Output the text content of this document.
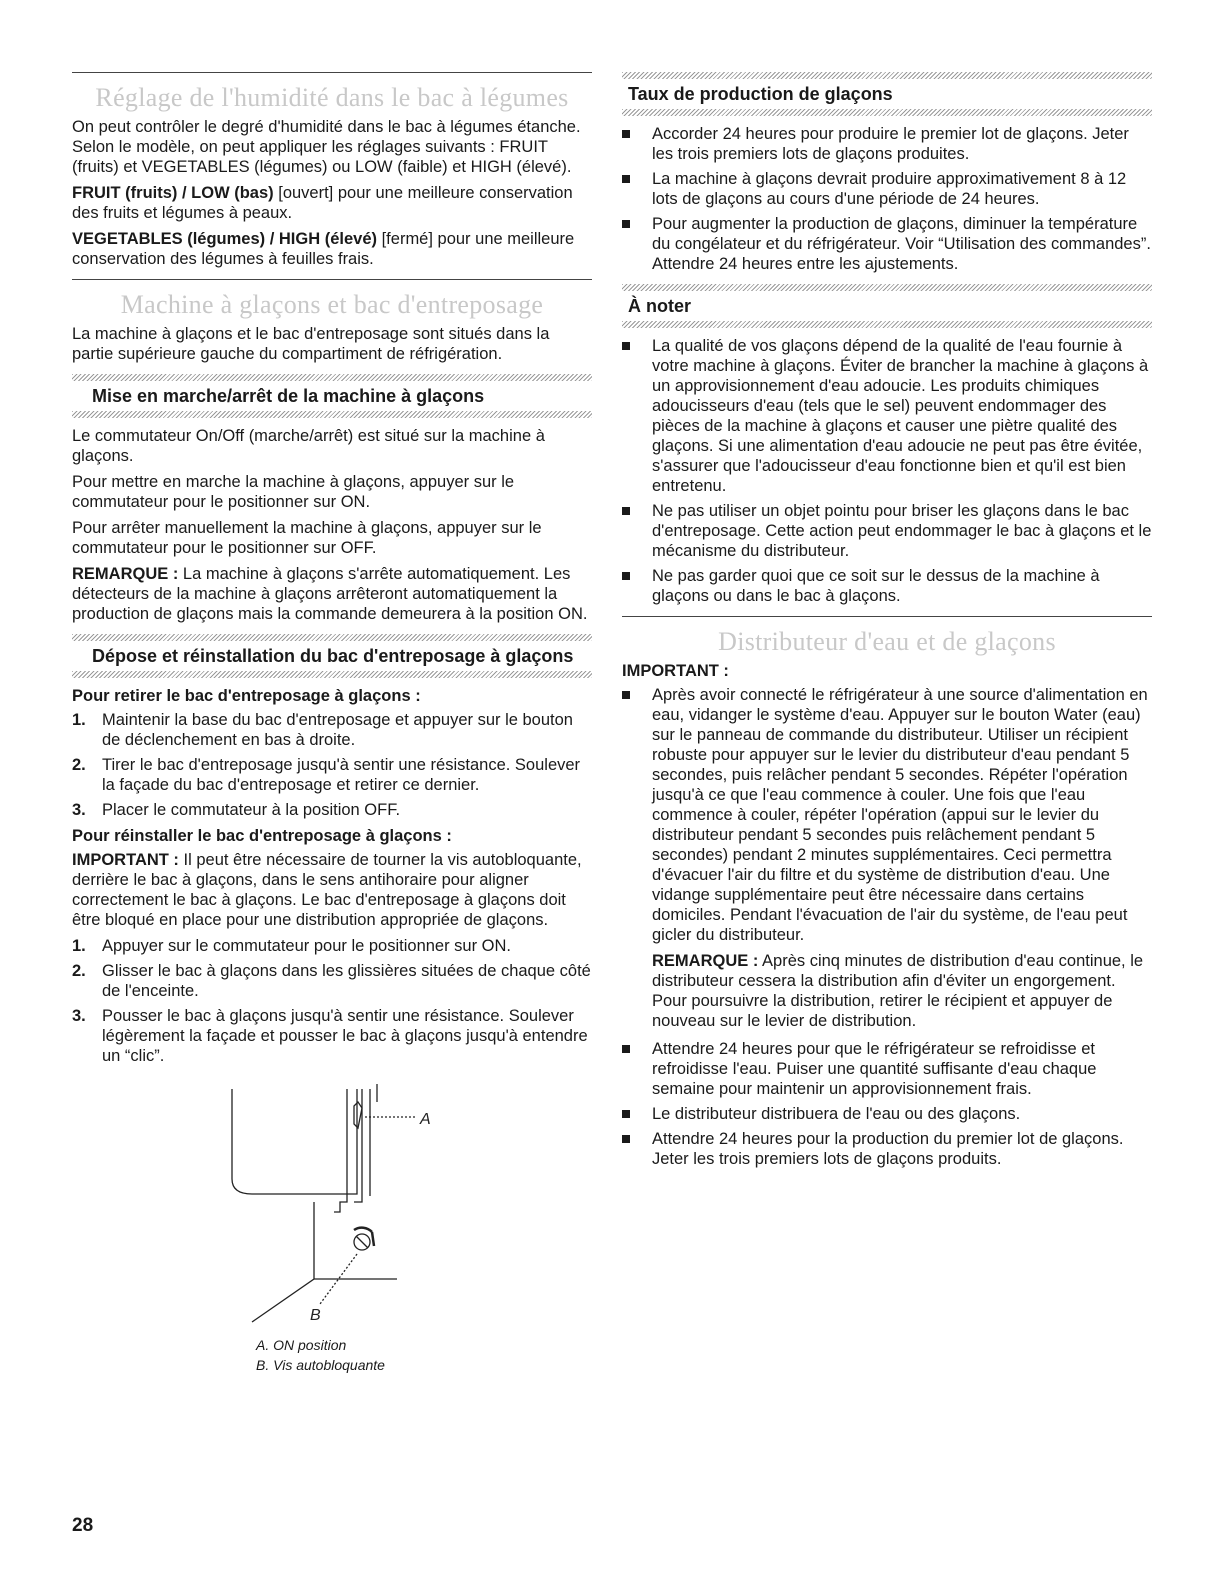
Réglage de l'humidité dans le bac à légumes

On peut contrôler le degré d'humidité dans le bac à légumes étanche. Selon le modèle, on peut appliquer les réglages suivants : FRUIT (fruits) et VEGETABLES (légumes) ou LOW (faible) et HIGH (élevé).

FRUIT (fruits) / LOW (bas) [ouvert] pour une meilleure conservation des fruits et légumes à peaux.

VEGETABLES (légumes) / HIGH (élevé) [fermé] pour une meilleure conservation des légumes à feuilles frais.

Machine à glaçons et bac d'entreposage

La machine à glaçons et le bac d'entreposage sont situés dans la partie supérieure gauche du compartiment de réfrigération.

Mise en marche/arrêt de la machine à glaçons

Le commutateur On/Off (marche/arrêt) est situé sur la machine à glaçons.

Pour mettre en marche la machine à glaçons, appuyer sur le commutateur pour le positionner sur ON.

Pour arrêter manuellement la machine à glaçons, appuyer sur le commutateur pour le positionner sur OFF.

REMARQUE : La machine à glaçons s'arrête automatiquement. Les détecteurs de la machine à glaçons arrêteront automatiquement la production de glaçons mais la commande demeurera à la position ON.

Dépose et réinstallation du bac d'entreposage à glaçons
Pour retirer le bac d'entreposage à glaçons :
1. Maintenir la base du bac d'entreposage et appuyer sur le bouton de déclenchement en bas à droite.
2. Tirer le bac d'entreposage jusqu'à sentir une résistance. Soulever la façade du bac d'entreposage et retirer ce dernier.
3. Placer le commutateur à la position OFF.
Pour réinstaller le bac d'entreposage à glaçons :

IMPORTANT : Il peut être nécessaire de tourner la vis autobloquante, derrière le bac à glaçons, dans le sens antihoraire pour aligner correctement le bac à glaçons. Le bac d'entreposage à glaçons doit être bloqué en place pour une distribution appropriée de glaçons.

1. Appuyer sur le commutateur pour le positionner sur ON.
2. Glisser le bac à glaçons dans les glissières situées de chaque côté de l'enceinte.
3. Pousser le bac à glaçons jusqu'à sentir une résistance. Soulever légèrement la façade et pousser le bac à glaçons jusqu'à entendre un “clic”.
A
B
A. ON position
B. Vis autobloquante
Taux de production de glaçons
Accorder 24 heures pour produire le premier lot de glaçons. Jeter les trois premiers lots de glaçons produites.
La machine à glaçons devrait produire approximativement 8 à 12 lots de glaçons au cours d'une période de 24 heures.
Pour augmenter la production de glaçons, diminuer la température du congélateur et du réfrigérateur. Voir “Utilisation des commandes”. Attendre 24 heures entre les ajustements.
À noter
La qualité de vos glaçons dépend de la qualité de l'eau fournie à votre machine à glaçons. Éviter de brancher la machine à glaçons à un approvisionnement d'eau adoucie. Les produits chimiques adoucisseurs d'eau (tels que le sel) peuvent endommager des pièces de la machine à glaçons et causer une piètre qualité des glaçons. Si une alimentation d'eau adoucie ne peut pas être évitée, s'assurer que l'adoucisseur d'eau fonctionne bien et qu'il est bien entretenu.
Ne pas utiliser un objet pointu pour briser les glaçons dans le bac d'entreposage. Cette action peut endommager le bac à glaçons et le mécanisme du distributeur.
Ne pas garder quoi que ce soit sur le dessus de la machine à glaçons ou dans le bac à glaçons.
Distributeur d'eau et de glaçons
IMPORTANT :
Après avoir connecté le réfrigérateur à une source d'alimentation en eau, vidanger le système d'eau. Appuyer sur le bouton Water (eau) sur le panneau de commande du distributeur. Utiliser un récipient robuste pour appuyer sur le levier du distributeur d'eau pendant 5 secondes, puis relâcher pendant 5 secondes. Répéter l'opération jusqu'à ce que l'eau commence à couler. Une fois que l'eau commence à couler, répéter l'opération (appui sur le levier du distributeur pendant 5 secondes puis relâchement pendant 5 secondes) pendant 2 minutes supplémentaires. Ceci permettra d'évacuer l'air du filtre et du système de distribution d'eau. Une vidange supplémentaire peut être nécessaire dans certains domiciles. Pendant l'évacuation de l'air du système, de l'eau peut gicler du distributeur.

REMARQUE : Après cinq minutes de distribution d'eau continue, le distributeur cessera la distribution afin d'éviter un engorgement. Pour poursuivre la distribution, retirer le récipient et appuyer de nouveau sur le levier de distribution.

Attendre 24 heures pour que le réfrigérateur se refroidisse et refroidisse l'eau. Puiser une quantité suffisante d'eau chaque semaine pour maintenir un approvisionnement frais.
Le distributeur distribuera de l'eau ou des glaçons.
Attendre 24 heures pour la production du premier lot de glaçons. Jeter les trois premiers lots de glaçons produits.
28
